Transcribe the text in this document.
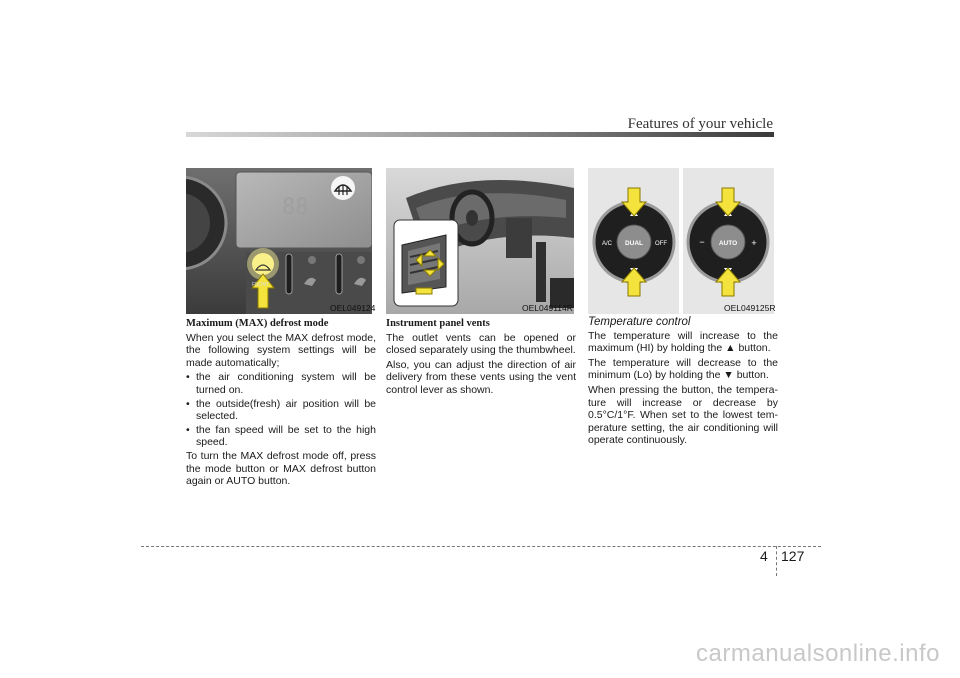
Features of your vehicle
88
FRONT
OEL049124	OEL049114R
DUAL
A/C	OFF	AUTO
−	+
OEL049125R

Maximum (MAX) defrost mode

When you select the MAX defrost mode, the following system settings will be made automatically;

• the air conditioning system will be turned on.
• the outside(fresh) air position will be selected.
• the fan speed will be set to the high speed.

To turn the MAX defrost mode off, press the mode button or MAX defrost button again or AUTO button.

Instrument panel vents

The outlet vents can be opened or closed separately using the thumbwheel.

Also, you can adjust the direction of air delivery from these vents using the vent control lever as shown.

Temperature control

The temperature will increase to the maximum (HI) by holding the ▲ button.

The temperature will decrease to the minimum (Lo) by holding the ▼ button.

When pressing the button, the tempera-ture will increase or decrease by 0.5°C/1°F. When set to the lowest tem-perature setting, the air conditioning will operate continuously.

4 127
carmanualsonline.info
